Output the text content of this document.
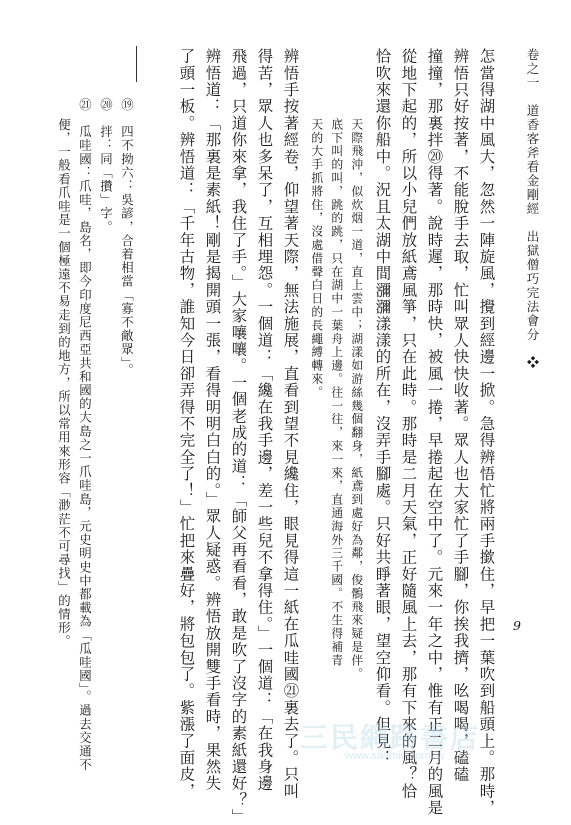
卷之一　道香客斧看金剛經　出獄僧巧完法會分　❖
9
怎當得湖中風大，忽然一陣旋風，攪到經邊一掀。急得辨悟忙將兩手撳住，早把一葉吹到船頭上。那時，
辨悟只好按著，不能脫手去取，忙叫眾人快快收著。眾人也大家忙了手腳，你挨我擠，吆喝喝，磕磕
撞撞，那裏拌⑳得著。說時遲，那時快，被風一捲，早捲起在空中了。元來一年之中，惟有正二月的風是
從地下起的，所以小兒們放紙鳶風箏，只在此時。那時是二月天氣，正好隨風上去，那有下來的風？恰
恰吹來還你船中。況且太湖中間瀰瀰漾漾的所在，沒弄手腳處。只好共睜著眼，望空仰看。但見：
天際飛沖，似炊烟一道，直上雲中；湖漾如游絲幾個翻身，紙鳶到處好為鄰，俊鶻飛來疑是伴。
底下叫的叫，跳的跳，只在湖中一葉舟上邊。往一往，來一來，直通海外三千國。不生得補青
天的大手抓將住，沒處借聲白日的長繩縛轉來。
辨悟手按著經卷，仰望著天際，無法施展，直看到望不見纔住，眼見得這一紙在瓜哇國㉑裏去了。只叫
得苦，眾人也多呆了，互相埋怨。一個道：「纔在我手邊，差一些兒不拿得住。」一個道：「在我身邊
飛過，只道你來拿，我住了手。」大家嚷嚷。一個老成的道：「師父再看看，敢是吹了沒字的素紙還好？」
辨悟道：「那裏是素紙！剛是揭開頭一張，看得明明白白的。」眾人疑惑。辨悟放開雙手看時，果然失
了頭一板。辨悟道：「千年古物，誰知今日卻弄得不完全了！」忙把來疊好，將包包了。紫漲了面皮，
⑲　四不拗六：吳諺，合着相當「寡不敵眾」。
⑳　拌：同「攢」字。
㉑　瓜哇國：爪哇，島名，即今印度尼西亞共和國的大島之一爪哇島，元史明史中都載為「瓜哇國」。過去交通不
便，一般看爪哇是一個極遠不易走到的地方，所以常用來形容「渺茫不可尋找」的情形。
三民網路書店
www.sanmin.com.tw
